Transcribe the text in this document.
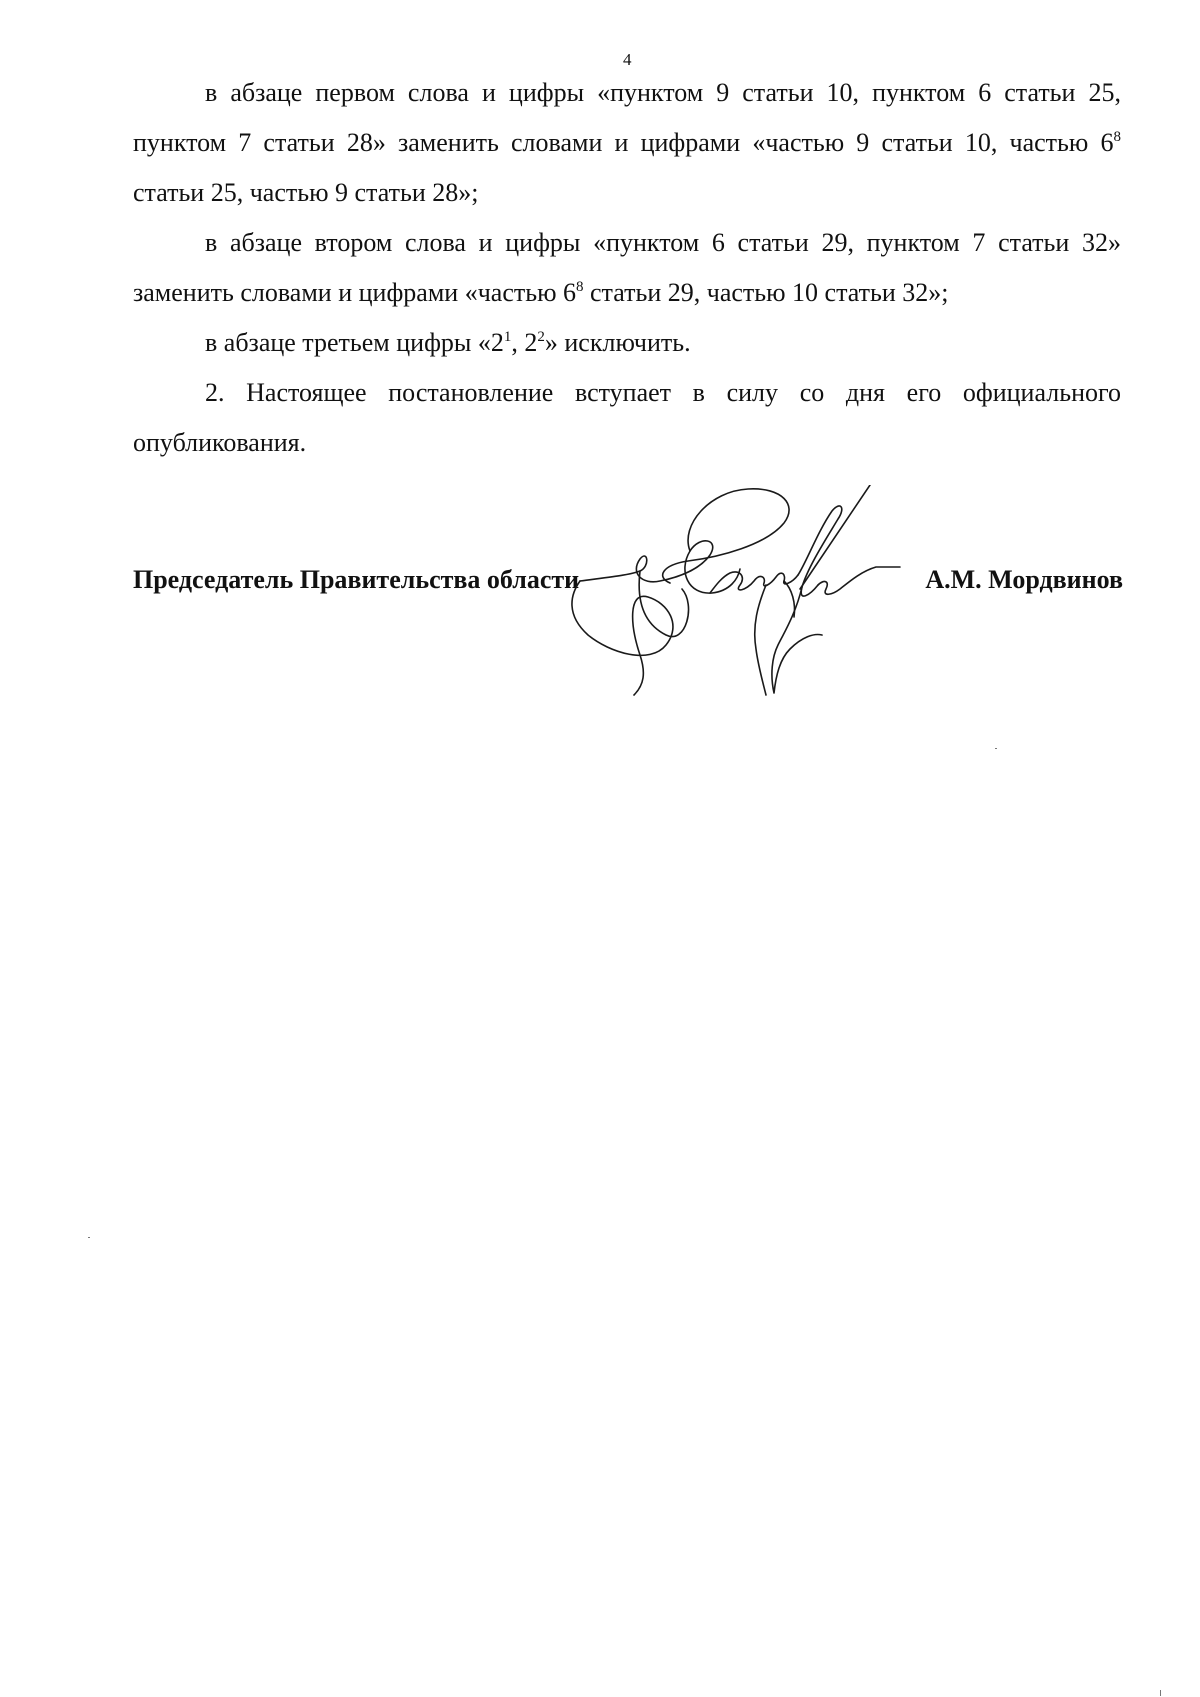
4

в абзаце первом слова и цифры «пунктом 9 статьи 10, пунктом 6 статьи 25, пунктом 7 статьи 28» заменить словами и цифрами «частью 9 статьи 10, частью $6^8$ статьи 25, частью 9 статьи 28»;

в абзаце втором слова и цифры «пунктом 6 статьи 29, пунктом 7 статьи 32» заменить словами и цифрами «частью $6^8$ статьи 29, частью 10 статьи 32»;

в абзаце третьем цифры «$2^1$, $2^2$» исключить.

2. Настоящее постановление вступает в силу со дня его официального опубликования.

Председатель Правительства области	А.М. Мордвинов
